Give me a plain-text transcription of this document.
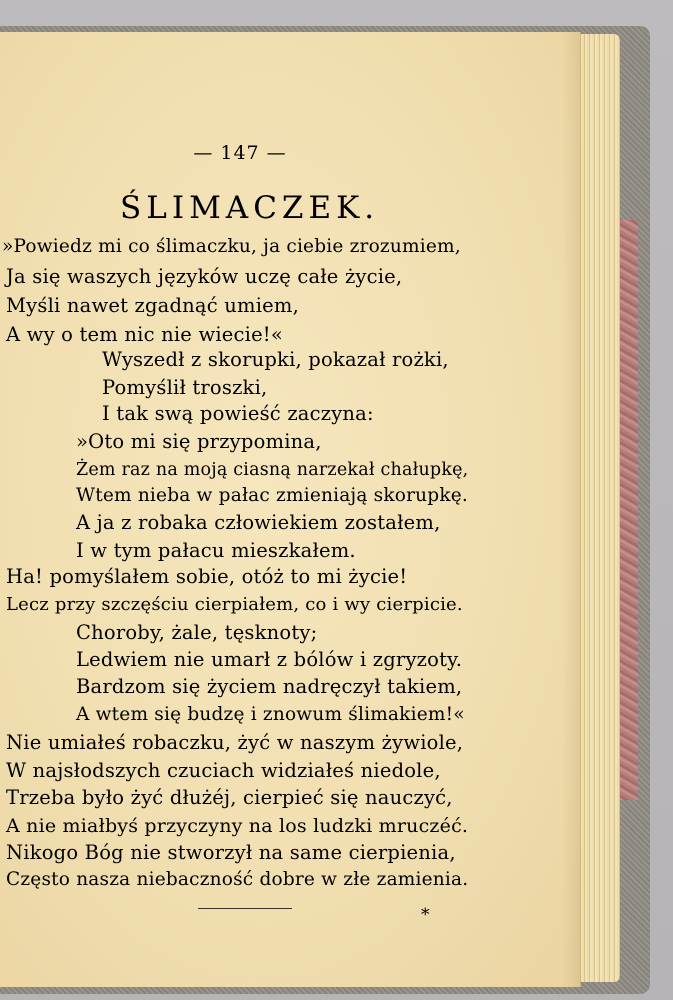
— 147 —
ŚLIMACZEK.
»Powiedz mi co ślimaczku, ja ciebie zrozumiem,
Ja się waszych języków uczę całe życie,
Myśli nawet zgadnąć umiem,
A wy o tem nic nie wiecie!«
Wyszedł z skorupki, pokazał rożki,
Pomyślił troszki,
I tak swą powieść zaczyna:
»Oto mi się przypomina,
Żem raz na moją ciasną narzekał chałupkę,
Wtem nieba w pałac zmieniają skorupkę.
A ja z robaka człowiekiem zostałem,
I w tym pałacu mieszkałem.
Ha! pomyślałem sobie, otóż to mi życie!
Lecz przy szczęściu cierpiałem, co i wy cierpicie.
Choroby, żale, tęsknoty;
Ledwiem nie umarł z bólów i zgryzoty.
Bardzom się życiem nadręczył takiem,
A wtem się budzę i znowum ślimakiem!«
Nie umiałeś robaczku, żyć w naszym żywiole,
W najsłodszych czuciach widziałeś niedole,
Trzeba było żyć dłużéj, cierpieć się nauczyć,
A nie miałbyś przyczyny na los ludzki mruczéć.
Nikogo Bóg nie stworzył na same cierpienia,
Często nasza niebaczność dobre w złe zamienia.
*
